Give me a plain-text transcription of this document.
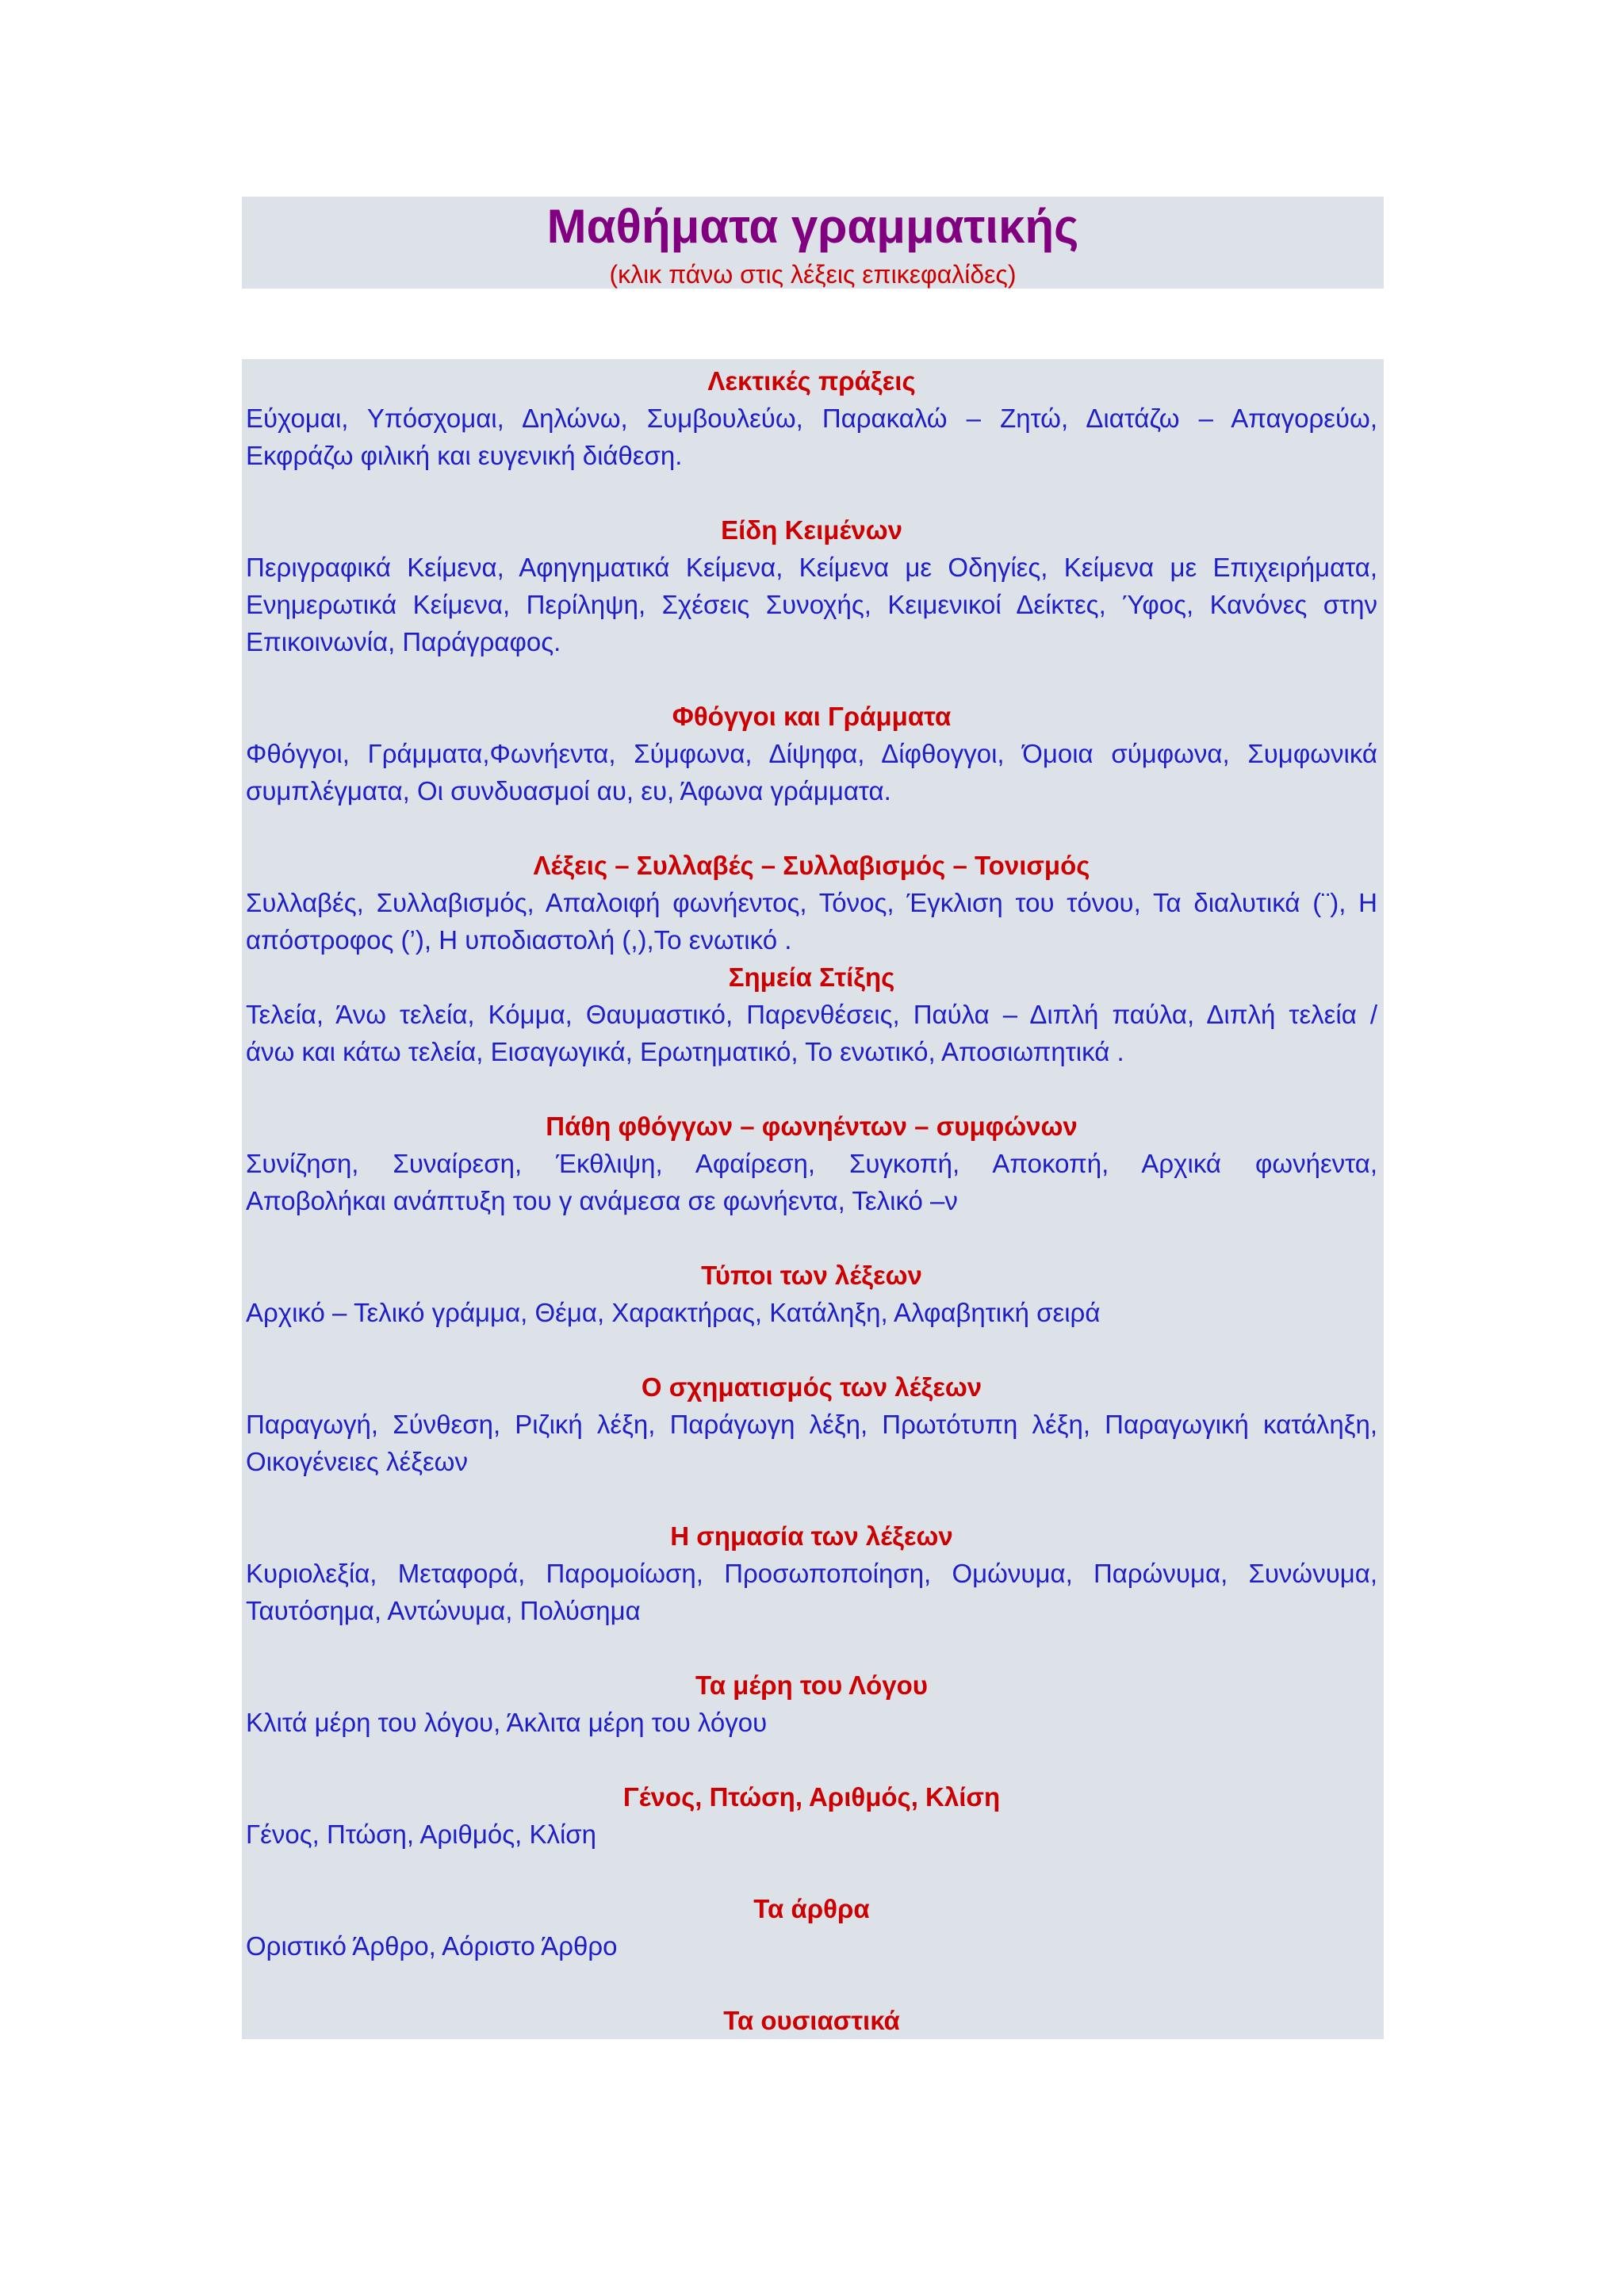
Μαθήματα γραμματικής
(κλικ πάνω στις λέξεις επικεφαλίδες)
Λεκτικές πράξεις
Εύχομαι, Υπόσχομαι, Δηλώνω, Συμβουλεύω, Παρακαλώ – Ζητώ, Διατάζω – Απαγορεύω,
Εκφράζω φιλική και ευγενική διάθεση.
Είδη Κειμένων
Περιγραφικά Κείμενα, Αφηγηματικά Κείμενα, Κείμενα με Οδηγίες, Κείμενα με Επιχειρήματα,
Ενημερωτικά Κείμενα, Περίληψη, Σχέσεις Συνοχής, Κειμενικοί Δείκτες, Ύφος, Κανόνες στην
Επικοινωνία, Παράγραφος.
Φθόγγοι και Γράμματα
Φθόγγοι, Γράμματα,Φωνήεντα, Σύμφωνα, Δίψηφα, Δίφθογγοι, Όμοια σύμφωνα, Συμφωνικά
συμπλέγματα, Οι συνδυασμοί αυ, ευ, Άφωνα γράμματα.
Λέξεις – Συλλαβές – Συλλαβισμός – Τονισμός
Συλλαβές, Συλλαβισμός, Απαλοιφή φωνήεντος, Τόνος, Έγκλιση του τόνου, Τα διαλυτικά (¨), Η
απόστροφος (’), Η υποδιαστολή (,),Το ενωτικό .
Σημεία Στίξης
Τελεία, Άνω τελεία, Κόμμα, Θαυμαστικό, Παρενθέσεις, Παύλα – Διπλή παύλα, Διπλή τελεία /
άνω και κάτω τελεία, Εισαγωγικά, Ερωτηματικό, Το ενωτικό, Αποσιωπητικά .
Πάθη φθόγγων – φωνηέντων – συμφώνων
Συνίζηση, Συναίρεση, Έκθλιψη, Αφαίρεση, Συγκοπή, Αποκοπή, Αρχικά φωνήεντα,
Αποβολήκαι ανάπτυξη του γ ανάμεσα σε φωνήεντα, Τελικό –ν
Τύποι των λέξεων
Αρχικό – Τελικό γράμμα, Θέμα, Χαρακτήρας, Κατάληξη, Αλφαβητική σειρά
Ο σχηματισμός των λέξεων
Παραγωγή, Σύνθεση, Ριζική λέξη, Παράγωγη λέξη, Πρωτότυπη λέξη, Παραγωγική κατάληξη,
Οικογένειες λέξεων
Η σημασία των λέξεων
Κυριολεξία, Μεταφορά, Παρομοίωση, Προσωποποίηση, Ομώνυμα, Παρώνυμα, Συνώνυμα,
Ταυτόσημα, Αντώνυμα, Πολύσημα
Τα μέρη του Λόγου
Κλιτά μέρη του λόγου, Άκλιτα μέρη του λόγου
Γένος, Πτώση, Αριθμός, Κλίση
Γένος, Πτώση, Αριθμός, Κλίση
Τα άρθρα
Οριστικό Άρθρο, Αόριστο Άρθρο
Τα ουσιαστικά
